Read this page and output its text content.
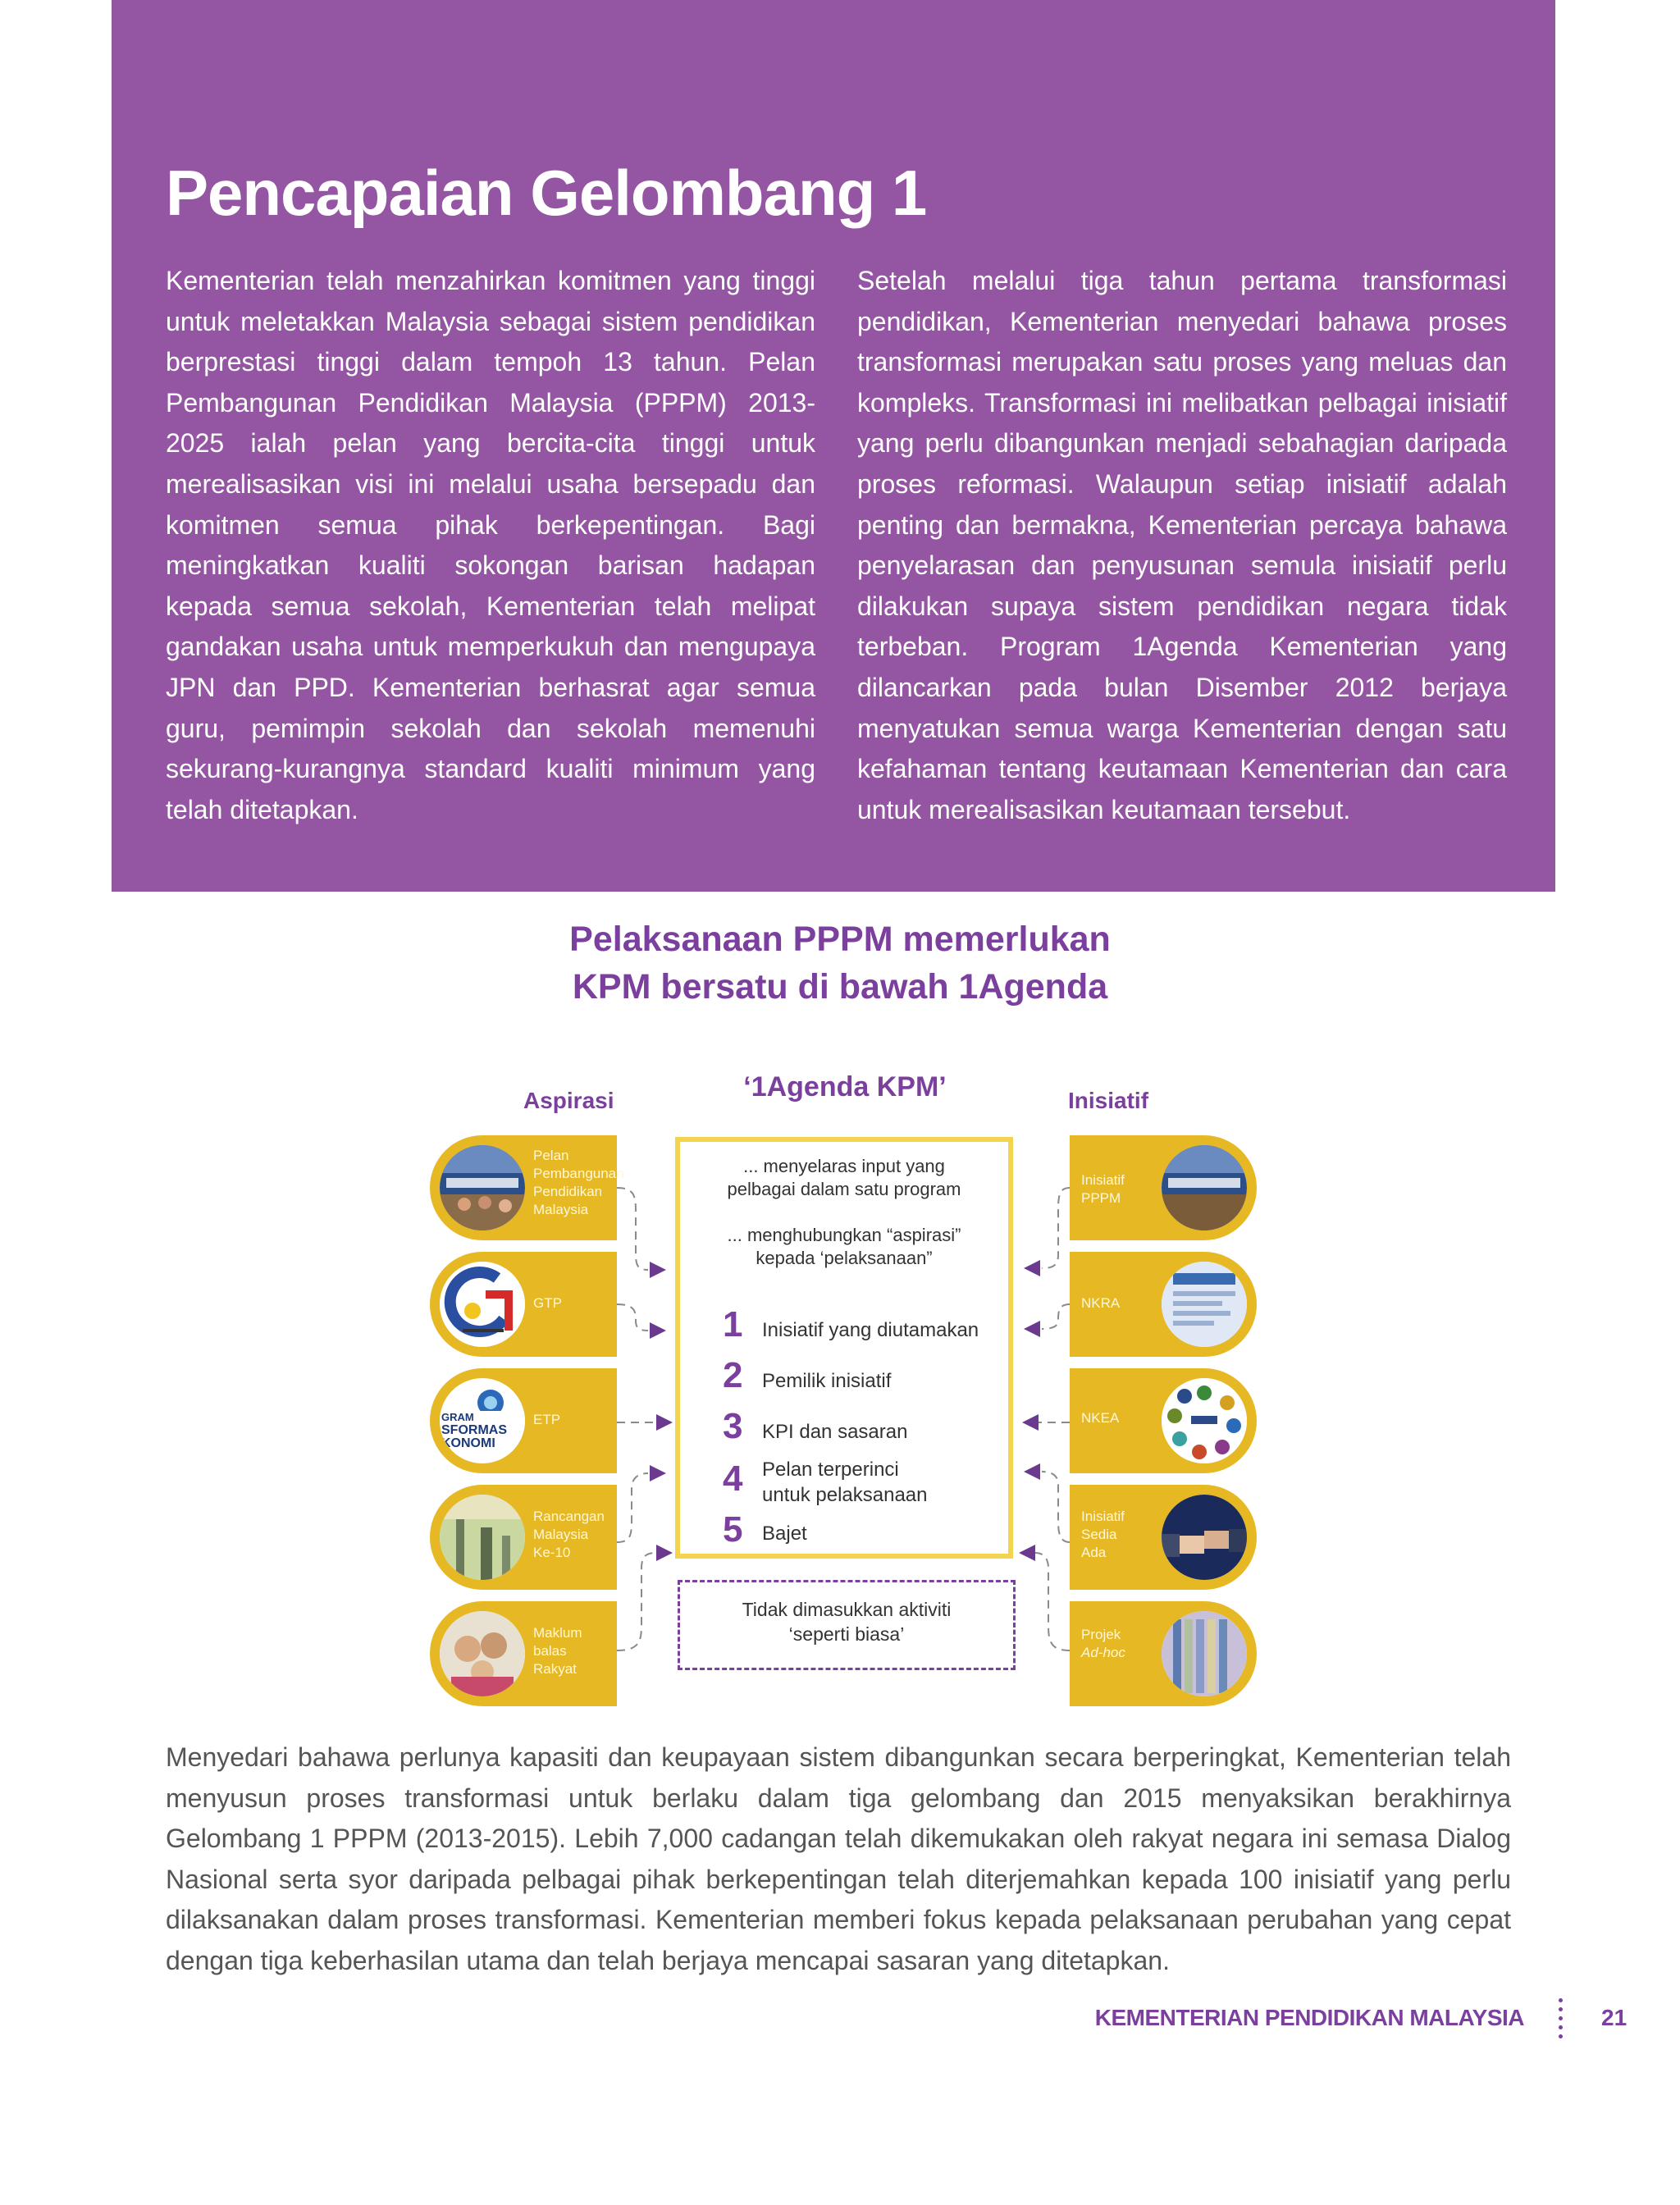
Pencapaian Gelombang 1

Kementerian telah menzahirkan komitmen yang tinggi untuk meletakkan Malaysia sebagai sistem pendidikan berprestasi tinggi dalam tempoh 13 tahun. Pelan Pembangunan Pendidikan Malaysia (PPPM) 2013-2025 ialah pelan yang bercita-cita tinggi untuk merealisasikan visi ini melalui usaha bersepadu dan komitmen semua pihak berkepentingan. Bagi meningkatkan kualiti sokongan barisan hadapan kepada semua sekolah, Kementerian telah melipat gandakan usaha untuk memperkukuh dan mengupaya JPN dan PPD. Kementerian berhasrat agar semua guru, pemimpin sekolah dan sekolah memenuhi sekurang-kurangnya standard kualiti minimum yang telah ditetapkan.

Setelah melalui tiga tahun pertama transformasi pendidikan, Kementerian menyedari bahawa proses transformasi merupakan satu proses yang meluas dan kompleks. Transformasi ini melibatkan pelbagai inisiatif yang perlu dibangunkan menjadi sebahagian daripada proses reformasi. Walaupun setiap inisiatif adalah penting dan bermakna, Kementerian percaya bahawa penyelarasan dan penyusunan semula inisiatif perlu dilakukan supaya sistem pendidikan negara tidak terbeban. Program 1Agenda Kementerian yang dilancarkan pada bulan Disember 2012 berjaya menyatukan semua warga Kementerian dengan satu kefahaman tentang keutamaan Kementerian dan cara untuk merealisasikan keutamaan tersebut.

Pelaksanaan PPPM memerlukan
KPM bersatu di bawah 1Agenda
Aspirasi	‘1Agenda KPM’	Inisiatif
Pelan
Pembangunan
Pendidikan
Malaysia
GTP
GRAM
SFORMAS
KONOMI
ETP
Rancangan
Malaysia
Ke-10
Maklum
balas
Rakyat
... menyelaras input yang
pelbagai dalam satu program
... menghubungkan “aspirasi”
kepada ‘pelaksanaan”
1 Inisiatif yang diutamakan
2 Pemilik inisiatif
3 KPI dan sasaran
4 Pelan terperinci
untuk pelaksanaan
5 Bajet
Tidak dimasukkan aktiviti
‘seperti biasa’
Inisiatif
PPPM
NKRA
NKEA
Inisiatif
Sedia
Ada
Projek
Ad-hoc

Menyedari bahawa perlunya kapasiti dan keupayaan sistem dibangunkan secara berperingkat, Kementerian telah menyusun proses transformasi untuk berlaku dalam tiga gelombang dan 2015 menyaksikan berakhirnya Gelombang 1 PPPM (2013-2015). Lebih 7,000 cadangan telah dikemukakan oleh rakyat negara ini semasa Dialog Nasional serta syor daripada pelbagai pihak berkepentingan telah diterjemahkan kepada 100 inisiatif yang perlu dilaksanakan dalam proses transformasi. Kementerian memberi fokus kepada pelaksanaan perubahan yang cepat dengan tiga keberhasilan utama dan telah berjaya mencapai sasaran yang ditetapkan.

KEMENTERIAN PENDIDIKAN MALAYSIA	21
